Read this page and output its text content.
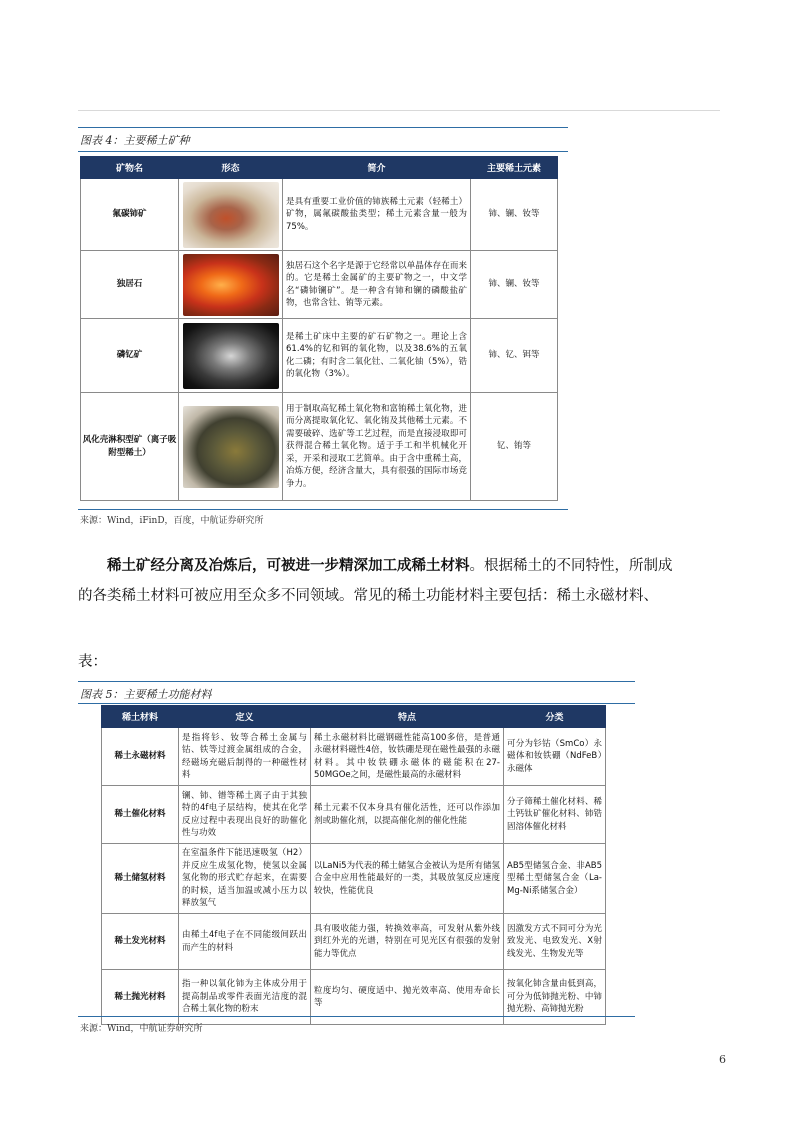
图表 4：主要稀土矿种
矿物名	形态	简介	主要稀土元素
氟碳铈矿		是具有重要工业价值的铈族稀土元素（轻稀土）矿物，属氟碳酸盐类型；稀土元素含量一般为75%。	铈、镧、钕等
独居石		独居石这个名字是源于它经常以单晶体存在而来的。它是稀土金属矿的主要矿物之一，中文学名“磷铈镧矿”。是一种含有铈和镧的磷酸盐矿物，也常含钍、铕等元素。	铈、镧、钕等
磷钇矿		是稀土矿床中主要的矿石矿物之一。理论上含 61.4%的钇和铒的氧化物，以及38.6%的五氧化二磷；有时含二氧化钍、二氧化铀（5%），锆的氧化物（3%）。	铈、钇、铒等
风化壳淋积型矿（离子吸附型稀土）		用于制取高钇稀土氧化物和富铕稀土氧化物，进而分离提取氧化钇、氧化铕及其他稀土元素。不需要破碎、选矿等工艺过程，而是直接浸取即可获得混合稀土氧化物。适于手工和半机械化开采，开采和浸取工艺简单。由于含中重稀土高，冶炼方便，经济含量大，具有很强的国际市场竞争力。	钇、铕等
来源：Wind，iFinD，百度，中航证券研究所
稀土矿经分离及冶炼后，可被进一步精深加工成稀土材料。根据稀土的不同特性，所制成
的各类稀土材料可被应用至众多不同领域。常见的稀土功能材料主要包括：稀土永磁材料、
表：
图表 5：主要稀土功能材料
稀土材料	定义	特点	分类
稀土永磁材料	是指将钐、钕等合稀土金属与钴、铁等过渡金属组成的合金，经磁场充磁后制得的一种磁性材料	稀土永磁材料比磁钢磁性能高100多倍，是普通永磁材料磁性4倍，钕铁硼是现在磁性最强的永磁材料。其中钕铁硼永磁体的磁能积在27-50MGOe之间，是磁性最高的永磁材料	可分为钐钴（SmCo）永磁体和钕铁硼（NdFeB）永磁体
稀土催化材料	镧、铈、镨等稀土离子由于其独特的4f电子层结构，使其在化学反应过程中表现出良好的助催化性与功效	稀土元素不仅本身具有催化活性，还可以作添加剂或助催化剂，以提高催化剂的催化性能	分子筛稀土催化材料、稀土钙钛矿催化材料、铈锆固溶体催化材料
稀土储氢材料	在室温条件下能迅速吸氢（H2）并反应生成氢化物，使氢以金属氢化物的形式贮存起来，在需要的时候，适当加温或减小压力以释放氢气	以LaNi5为代表的稀土储氢合金被认为是所有储氢合金中应用性能最好的一类，其吸放氢反应速度较快，性能优良	AB5型储氢合金、非AB5型稀土型储氢合金（La-Mg-Ni系储氢合金）
稀土发光材料	由稀土4f电子在不同能级间跃出而产生的材料	具有吸收能力强，转换效率高，可发射从紫外线到红外光的光谱，特别在可见光区有很强的发射能力等优点	因激发方式不同可分为光致发光、电致发光、X射线发光、生物发光等
稀土抛光材料	指一种以氧化铈为主体成分用于提高制品或零件表面光洁度的混合稀土氧化物的粉末	粒度均匀、硬度适中、抛光效率高、使用寿命长等	按氧化铈含量由低到高，可分为低铈抛光粉、中铈抛光粉、高铈抛光粉
来源：Wind，中航证券研究所
6
